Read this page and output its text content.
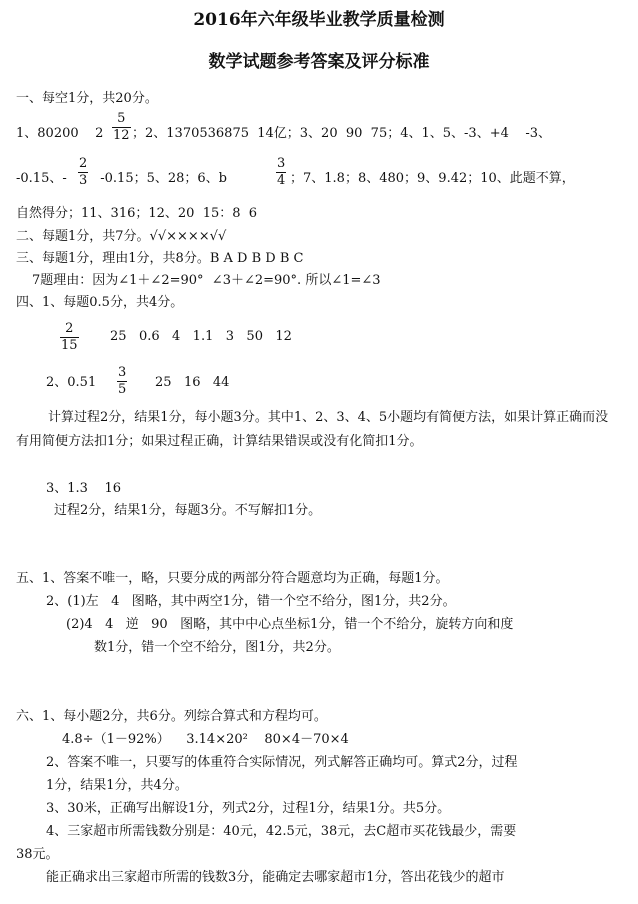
2016年六年级毕业教学质量检测
数学试题参考答案及评分标准
一、每空1分，共20分。
1、80200    $2 \frac{5}{12}$ ；2、1370536875  14亿；3、20  90  75；4、1、5、-3、+4    -3、
-0.15、- $\frac{2}{3} -0.15$；5、28；6、b	$\frac{3}{4}$ ；7、1.8；8、480；9、9.42；10、此题不算，
自然得分；11、316；12、20  15：8  6
二、每题1分，共7分。√√××××√√
三、每题1分，理由1分，共8分。B A D B D B C
7题理由：因为∠1＋∠2=90°  ∠3＋∠2=90°. 所以∠1=∠3
四、1、每题0.5分，共4分。
$\frac{2}{15} 25$   0.6   4   1.1   3   50   12
2、$0.51 \frac{3}{5} 25$   16   44
计算过程2分，结果1分，每小题3分。其中1、2、3、4、5小题均有简便方法，如果计算正确而没有用简便方法扣1分；如果过程正确，计算结果错误或没有化简扣1分。
3、1.3    16
过程2分，结果1分，每题3分。不写解扣1分。
五、1、答案不唯一，略，只要分成的两部分符合题意均为正确，每题1分。
2、(1)左   4   图略，其中两空1分，错一个空不给分，图1分，共2分。
(2)4   4   逆   90   图略，其中中心点坐标1分，错一个不给分，旋转方向和度
数1分，错一个空不给分，图1分，共2分。
六、1、每小题2分，共6分。列综合算式和方程均可。
4.8÷（1－92%）    3.14×20²    80×4－70×4
2、答案不唯一，只要写的体重符合实际情况，列式解答正确均可。算式2分，过程
1分，结果1分，共4分。
3、30米，正确写出解设1分，列式2分，过程1分，结果1分。共5分。
4、三家超市所需钱数分别是：40元，42.5元，38元，去C超市买花钱最少，需要
38元。
能正确求出三家超市所需的钱数3分，能确定去哪家超市1分，答出花钱少的超市
